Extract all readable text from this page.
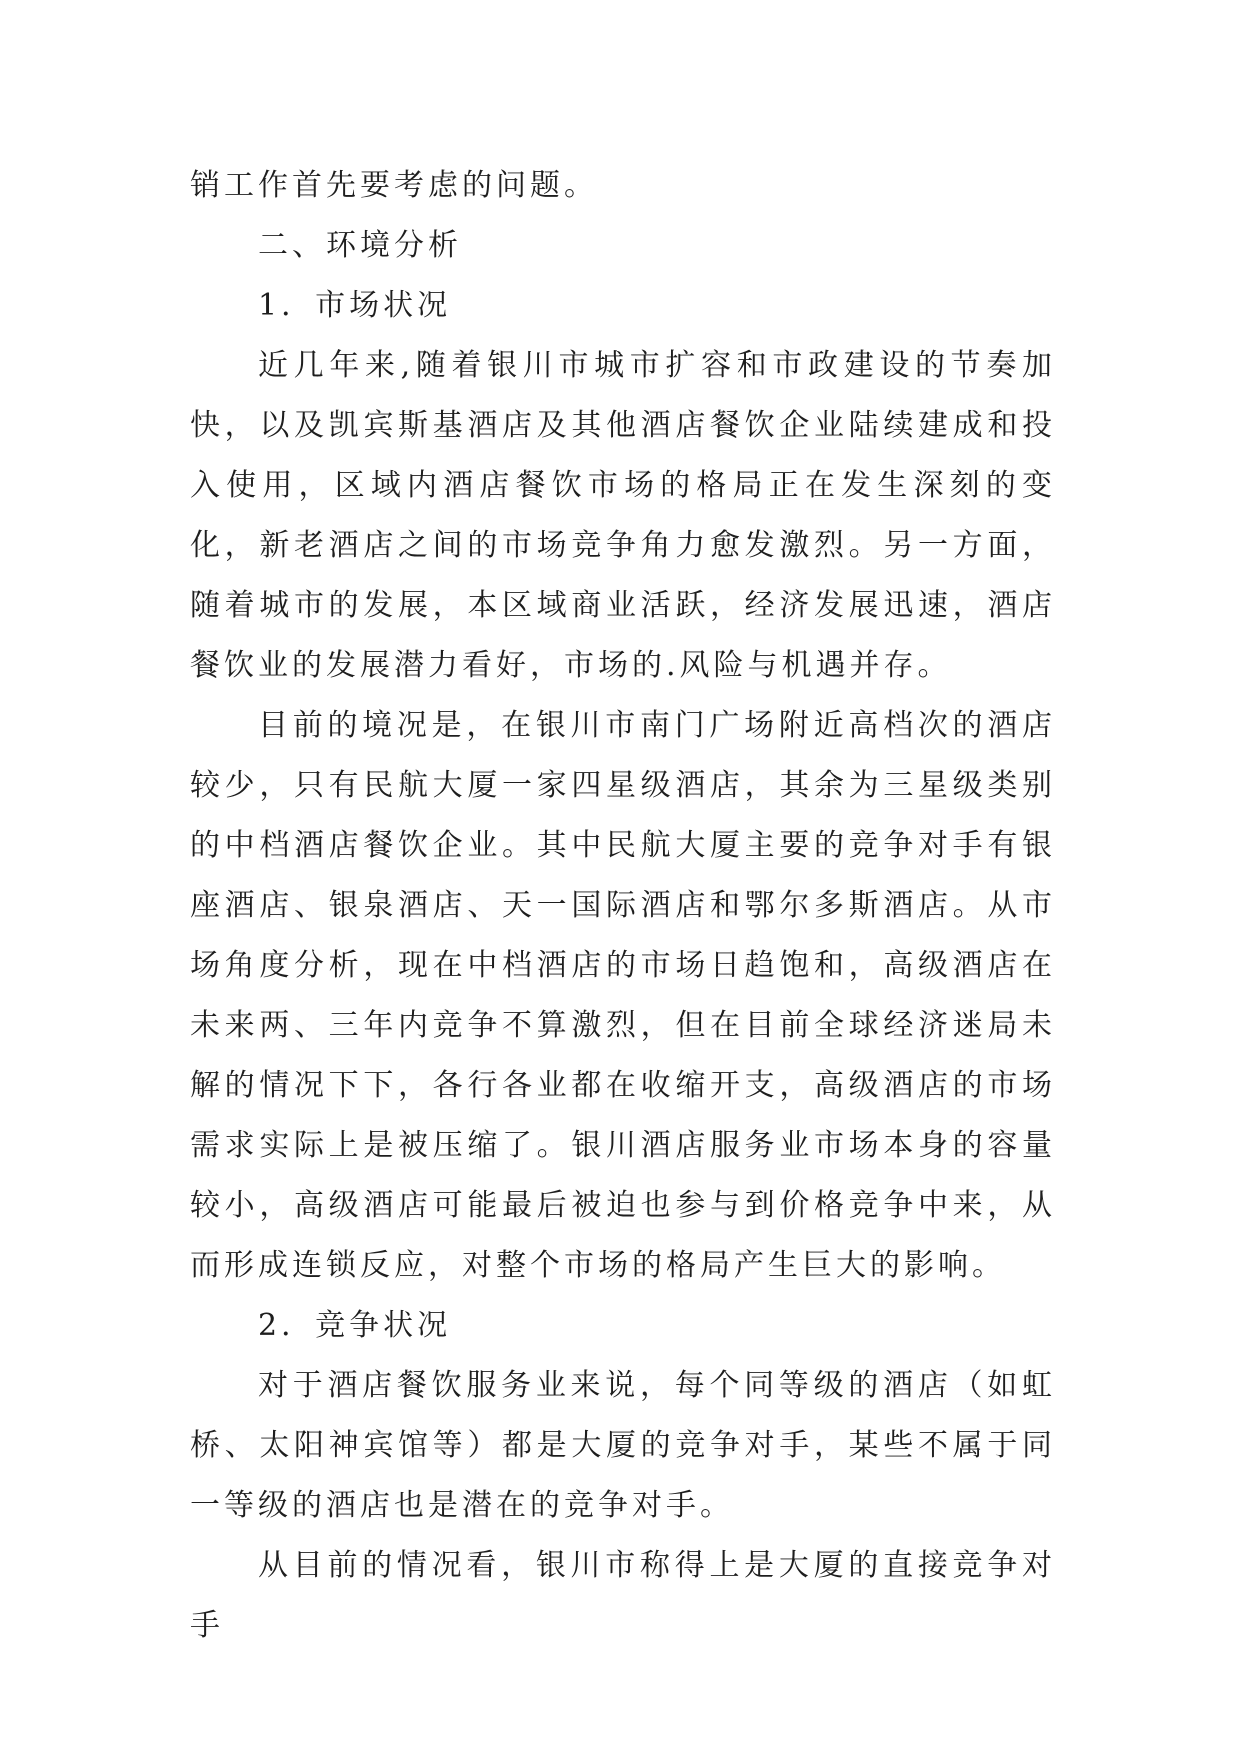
销工作首先要考虑的问题。

二、环境分析

1．市场状况

近几年来,随着银川市城市扩容和市政建设的节奏加快，以及凯宾斯基酒店及其他酒店餐饮企业陆续建成和投入使用，区域内酒店餐饮市场的格局正在发生深刻的变化，新老酒店之间的市场竞争角力愈发激烈。另一方面，随着城市的发展，本区域商业活跃，经济发展迅速，酒店餐饮业的发展潜力看好，市场的.风险与机遇并存。

目前的境况是，在银川市南门广场附近高档次的酒店较少，只有民航大厦一家四星级酒店，其余为三星级类别的中档酒店餐饮企业。其中民航大厦主要的竞争对手有银座酒店、银泉酒店、天一国际酒店和鄂尔多斯酒店。从市场角度分析，现在中档酒店的市场日趋饱和，高级酒店在未来两、三年内竞争不算激烈，但在目前全球经济迷局未解的情况下下，各行各业都在收缩开支，高级酒店的市场需求实际上是被压缩了。银川酒店服务业市场本身的容量较小，高级酒店可能最后被迫也参与到价格竞争中来，从而形成连锁反应，对整个市场的格局产生巨大的影响。

2．竞争状况

对于酒店餐饮服务业来说，每个同等级的酒店（如虹桥、太阳神宾馆等）都是大厦的竞争对手，某些不属于同一等级的酒店也是潜在的竞争对手。

从目前的情况看，银川市称得上是大厦的直接竞争对手
